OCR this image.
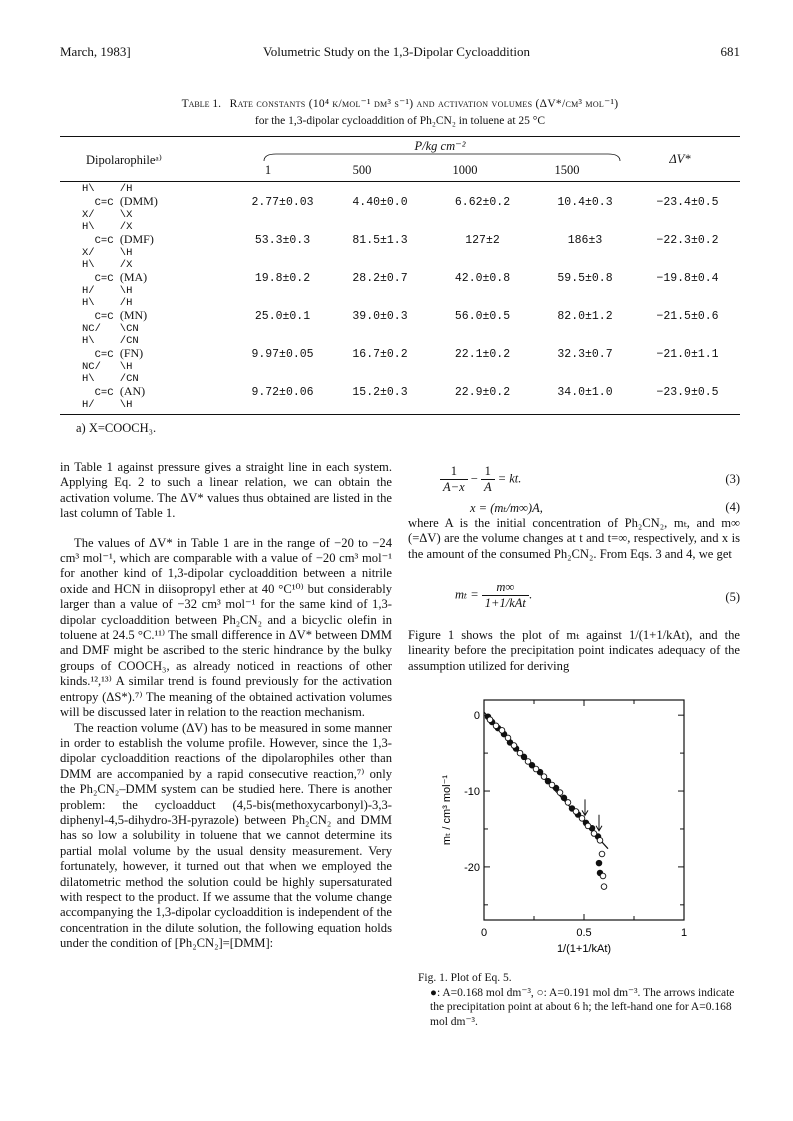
March, 1983]	Volumetric Study on the 1,3-Dipolar Cycloaddition	681
Table 1. Rate constants (10⁴ k/mol⁻¹ dm³ s⁻¹) and activation volumes (ΔV*/cm³ mol⁻¹)
for the 1,3-dipolar cycloaddition of Ph₂CN₂ in toluene at 25 °C
Dipolarophileᵃ⁾
P/kg cm⁻²
1	500	1000	1500
ΔV*
H\    /H
C=C (DMM)
X/    \X	2.77±0.03	4.40±0.0	6.62±0.2	10.4±0.3	−23.4±0.5

H\    /X
C=C (DMF)
X/    \H	53.3±0.3	81.5±1.3	127±2	186±3	−22.3±0.2

H\    /X
C=C (MA)
H/    \H	19.8±0.2	28.2±0.7	42.0±0.8	59.5±0.8	−19.8±0.4

H\    /H
C=C (MN)
NC/   \CN	25.0±0.1	39.0±0.3	56.0±0.5	82.0±1.2	−21.5±0.6

H\    /CN
C=C (FN)
NC/   \H	9.97±0.05	16.7±0.2	22.1±0.2	32.3±0.7	−21.0±1.1

H\    /CN
C=C (AN)
H/    \H	9.72±0.06	15.2±0.3	22.9±0.2	34.0±1.0	−23.9±0.5
a) X=COOCH₃.

in Table 1 against pressure gives a straight line in each system. Applying Eq. 2 to such a linear relation, we can obtain the activation volume. The ΔV* values thus obtained are listed in the last column of Table 1.

The values of ΔV* in Table 1 are in the range of −20 to −24 cm³ mol⁻¹, which are comparable with a value of −20 cm³ mol⁻¹ for another kind of 1,3-dipolar cycloaddition between a nitrile oxide and HCN in diisopropyl ether at 40 °C¹⁰⁾ but considerably larger than a value of −32 cm³ mol⁻¹ for the same kind of 1,3-dipolar cycloaddition between Ph₂CN₂ and a bicyclic olefin in toluene at 24.5 °C.¹¹⁾ The small difference in ΔV* between DMM and DMF might be ascribed to the steric hindrance by the bulky groups of COOCH₃, as already noticed in reactions of other kinds.¹²,¹³⁾ A similar trend is found previously for the activation entropy (ΔS*).⁷⁾ The meaning of the obtained activation volumes will be discussed later in relation to the reaction mechanism.

The reaction volume (ΔV) has to be measured in some manner in order to establish the volume profile. However, since the 1,3-dipolar cycloaddition reactions of the dipolarophiles other than DMM are accompanied by a rapid consecutive reaction,⁷⁾ only the Ph₂CN₂–DMM system can be studied here. There is another problem: the cycloadduct (4,5-bis(methoxycarbonyl)-3,3-diphenyl-4,5-dihydro-3H-pyrazole) between Ph₂CN₂ and DMM has so low a solubility in toluene that we cannot determine its partial molal volume by the usual density measurement. Very fortunately, however, it turned out that when we employed the dilatometric method the solution could be highly supersaturated with respect to the product. If we assume that the volume change accompanying the 1,3-dipolar cycloaddition is independent of the concentration in the dilute solution, the following equation holds under the condition of [Ph₂CN₂]=[DMM]:

$\frac{1}{A-x} - \frac{1}{A}$ = kt.	(3)
x = (mₜ/m∞)A,	(4)
where A is the initial concentration of Ph₂CN₂, mₜ, and m∞ (=ΔV) are the volume changes at t and t=∞, respectively, and x is the amount of the consumed Ph₂CN₂. From Eqs. 3 and 4, we get
$m_t = \frac{m\infty}{\text{1+1/kAt}}$ .	(5)
Figure 1 shows the plot of mₜ against 1/(1+1/kAt), and the linearity before the precipitation point indicates adequacy of the assumption utilized for deriving
0	0.5	1
0
-10
-20
1/(1+1/kAt)
mₜ / cm³ mol⁻¹
Fig. 1. Plot of Eq. 5.
●: A=0.168 mol dm⁻³, ○: A=0.191 mol dm⁻³. The arrows indicate the precipitation point at about 6 h; the left-hand one for A=0.168 mol dm⁻³.
